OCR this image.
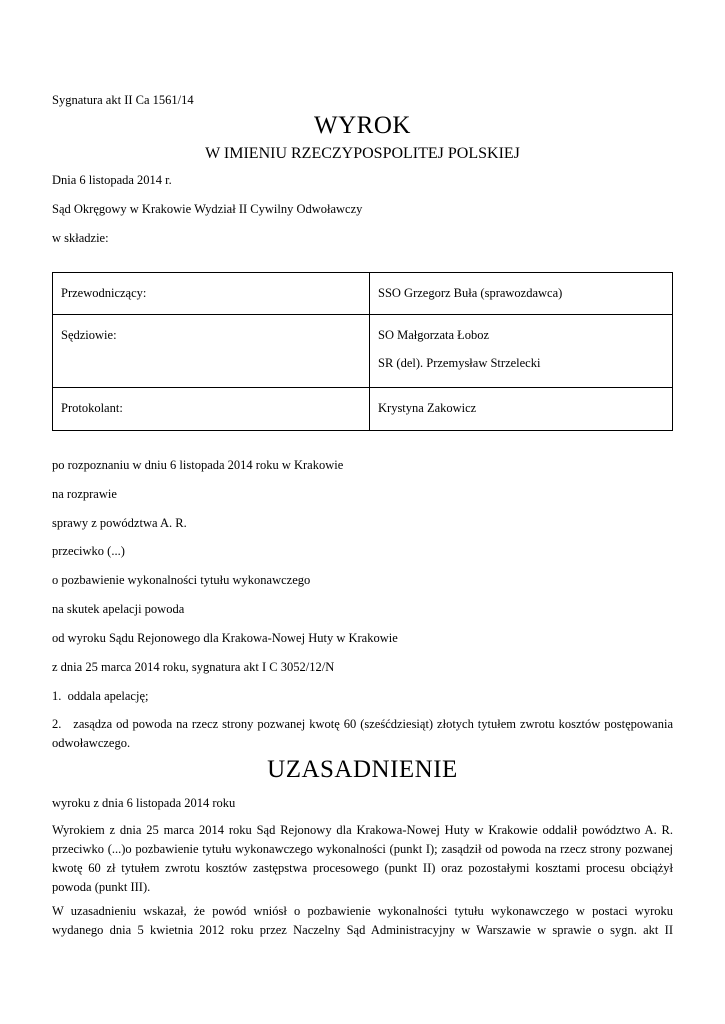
Sygnatura akt II Ca 1561/14
WYROK
W IMIENIU RZECZYPOSPOLITEJ POLSKIEJ
Dnia 6 listopada 2014 r.
Sąd Okręgowy w Krakowie Wydział II Cywilny Odwoławczy
w składzie:
Przewodniczący:	SSO Grzegorz Buła (sprawozdawca)

Sędziowie:	SO Małgorzata Łoboz
SR (del). Przemysław Strzelecki

Protokolant:	Krystyna Zakowicz
po rozpoznaniu w dniu 6 listopada 2014 roku w Krakowie
na rozprawie
sprawy z powództwa A. R.
przeciwko (...)
o pozbawienie wykonalności tytułu wykonawczego
na skutek apelacji powoda
od wyroku Sądu Rejonowego dla Krakowa-Nowej Huty w Krakowie
z dnia 25 marca 2014 roku, sygnatura akt I C 3052/12/N
1.  oddala apelację;
2.   zasądza od powoda na rzecz strony pozwanej kwotę 60 (sześćdziesiąt) złotych tytułem zwrotu kosztów postępowania odwoławczego.
UZASADNIENIE
wyroku z dnia 6 listopada 2014 roku
Wyrokiem z dnia 25 marca 2014 roku Sąd Rejonowy dla Krakowa-Nowej Huty w Krakowie oddalił powództwo A. R. przeciwko (...)o pozbawienie tytułu wykonawczego wykonalności (punkt I); zasądził od powoda na rzecz strony pozwanej kwotę 60 zł tytułem zwrotu kosztów zastępstwa procesowego (punkt II) oraz pozostałymi kosztami procesu obciążył powoda (punkt III).
W uzasadnieniu wskazał, że powód wniósł o pozbawienie wykonalności tytułu wykonawczego w postaci wyroku wydanego dnia 5 kwietnia 2012 roku przez Naczelny Sąd Administracyjny w Warszawie w sprawie o sygn. akt II
